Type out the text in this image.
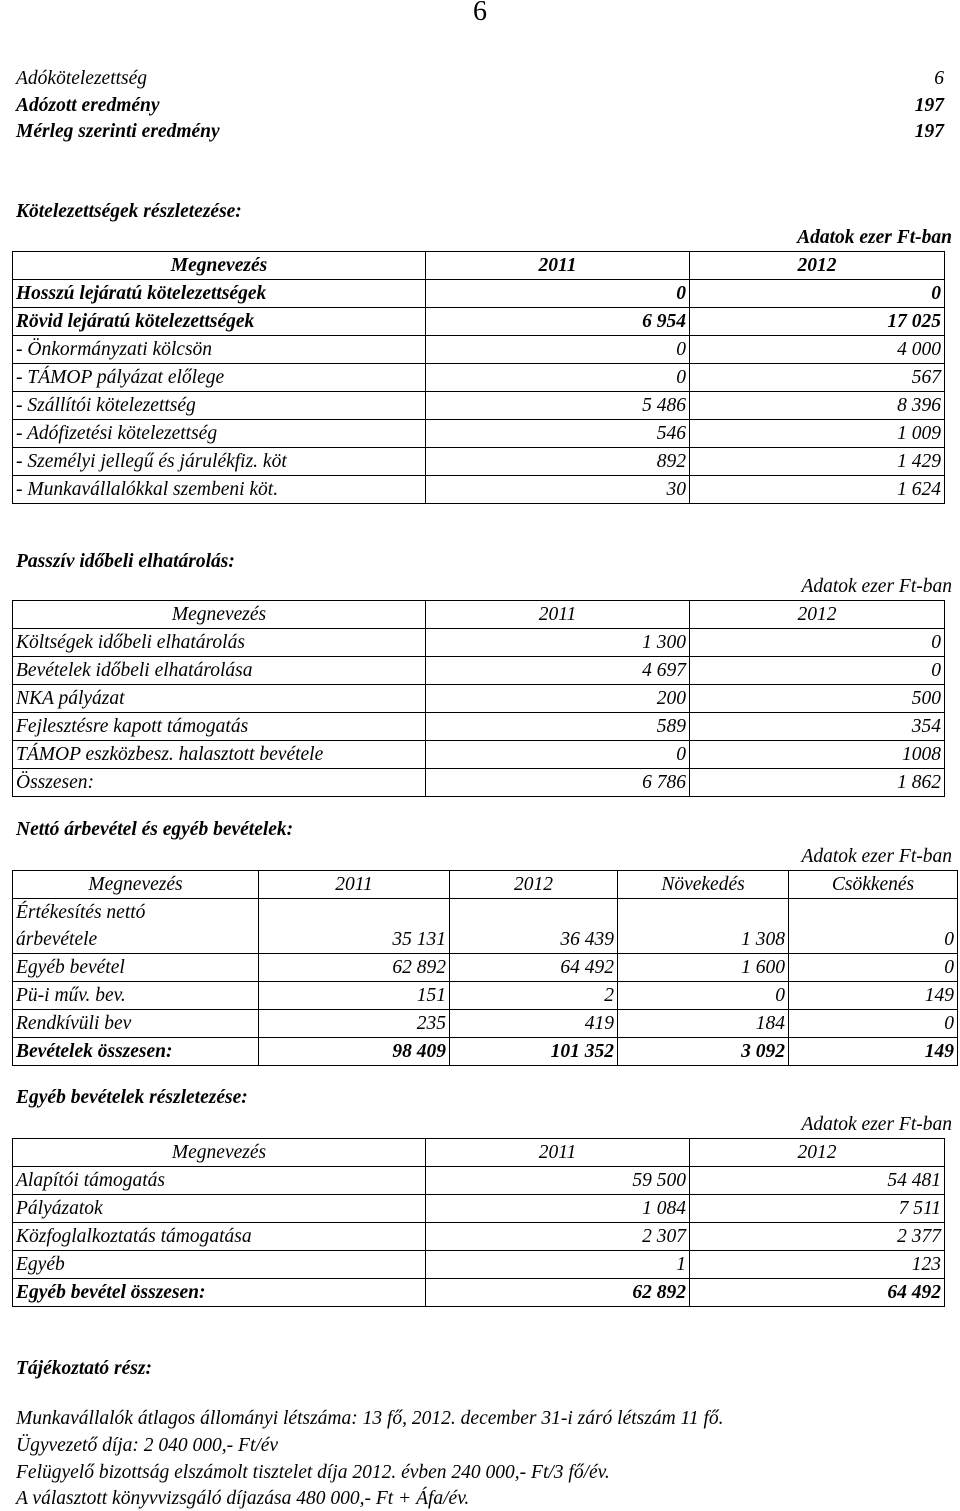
6
Adókötelezettség	6
Adózott eredmény	197
Mérleg szerinti eredmény	197
Kötelezettségek részletezése:
Adatok ezer Ft-ban
Megnevezés	2011	2012
Hosszú lejáratú kötelezettségek	0	0
Rövid lejáratú kötelezettségek	6 954	17 025
- Önkormányzati kölcsön	0	4 000
- TÁMOP pályázat előlege	0	567
- Szállítói kötelezettség	5 486	8 396
- Adófizetési kötelezettség	546	1 009
- Személyi jellegű és járulékfiz. köt	892	1 429
- Munkavállalókkal szembeni köt.	30	1 624
Passzív időbeli elhatárolás:
Adatok ezer Ft-ban
Megnevezés	2011	2012
Költségek időbeli elhatárolás	1 300	0
Bevételek időbeli elhatárolása	4 697	0
NKA pályázat	200	500
Fejlesztésre kapott támogatás	589	354
TÁMOP eszközbesz. halasztott bevétele	0	1008
Összesen:	6 786	1 862
Nettó árbevétel és egyéb bevételek:
Adatok ezer Ft-ban
Megnevezés	2011	2012	Növekedés	Csökkenés

Értékesítés nettó
árbevétele	35 131	36 439	1 308	0
Egyéb bevétel	62 892	64 492	1 600	0
Pü-i műv. bev.	151	2	0	149
Rendkívüli bev	235	419	184	0
Bevételek összesen:	98 409	101 352	3 092	149
Egyéb bevételek részletezése:
Adatok ezer Ft-ban
Megnevezés	2011	2012
Alapítói támogatás	59 500	54 481
Pályázatok	1 084	7 511
Közfoglalkoztatás támogatása	2 307	2 377
Egyéb	1	123
Egyéb bevétel összesen:	62 892	64 492
Tájékoztató rész:
Munkavállalók átlagos állományi létszáma: 13 fő, 2012. december 31-i záró létszám 11 fő.
Ügyvezető díja: 2 040 000,- Ft/év
Felügyelő bizottság elszámolt tisztelet díja 2012. évben 240 000,- Ft/3 fő/év.
A választott könyvvizsgáló díjazása 480 000,- Ft + Áfa/év.
